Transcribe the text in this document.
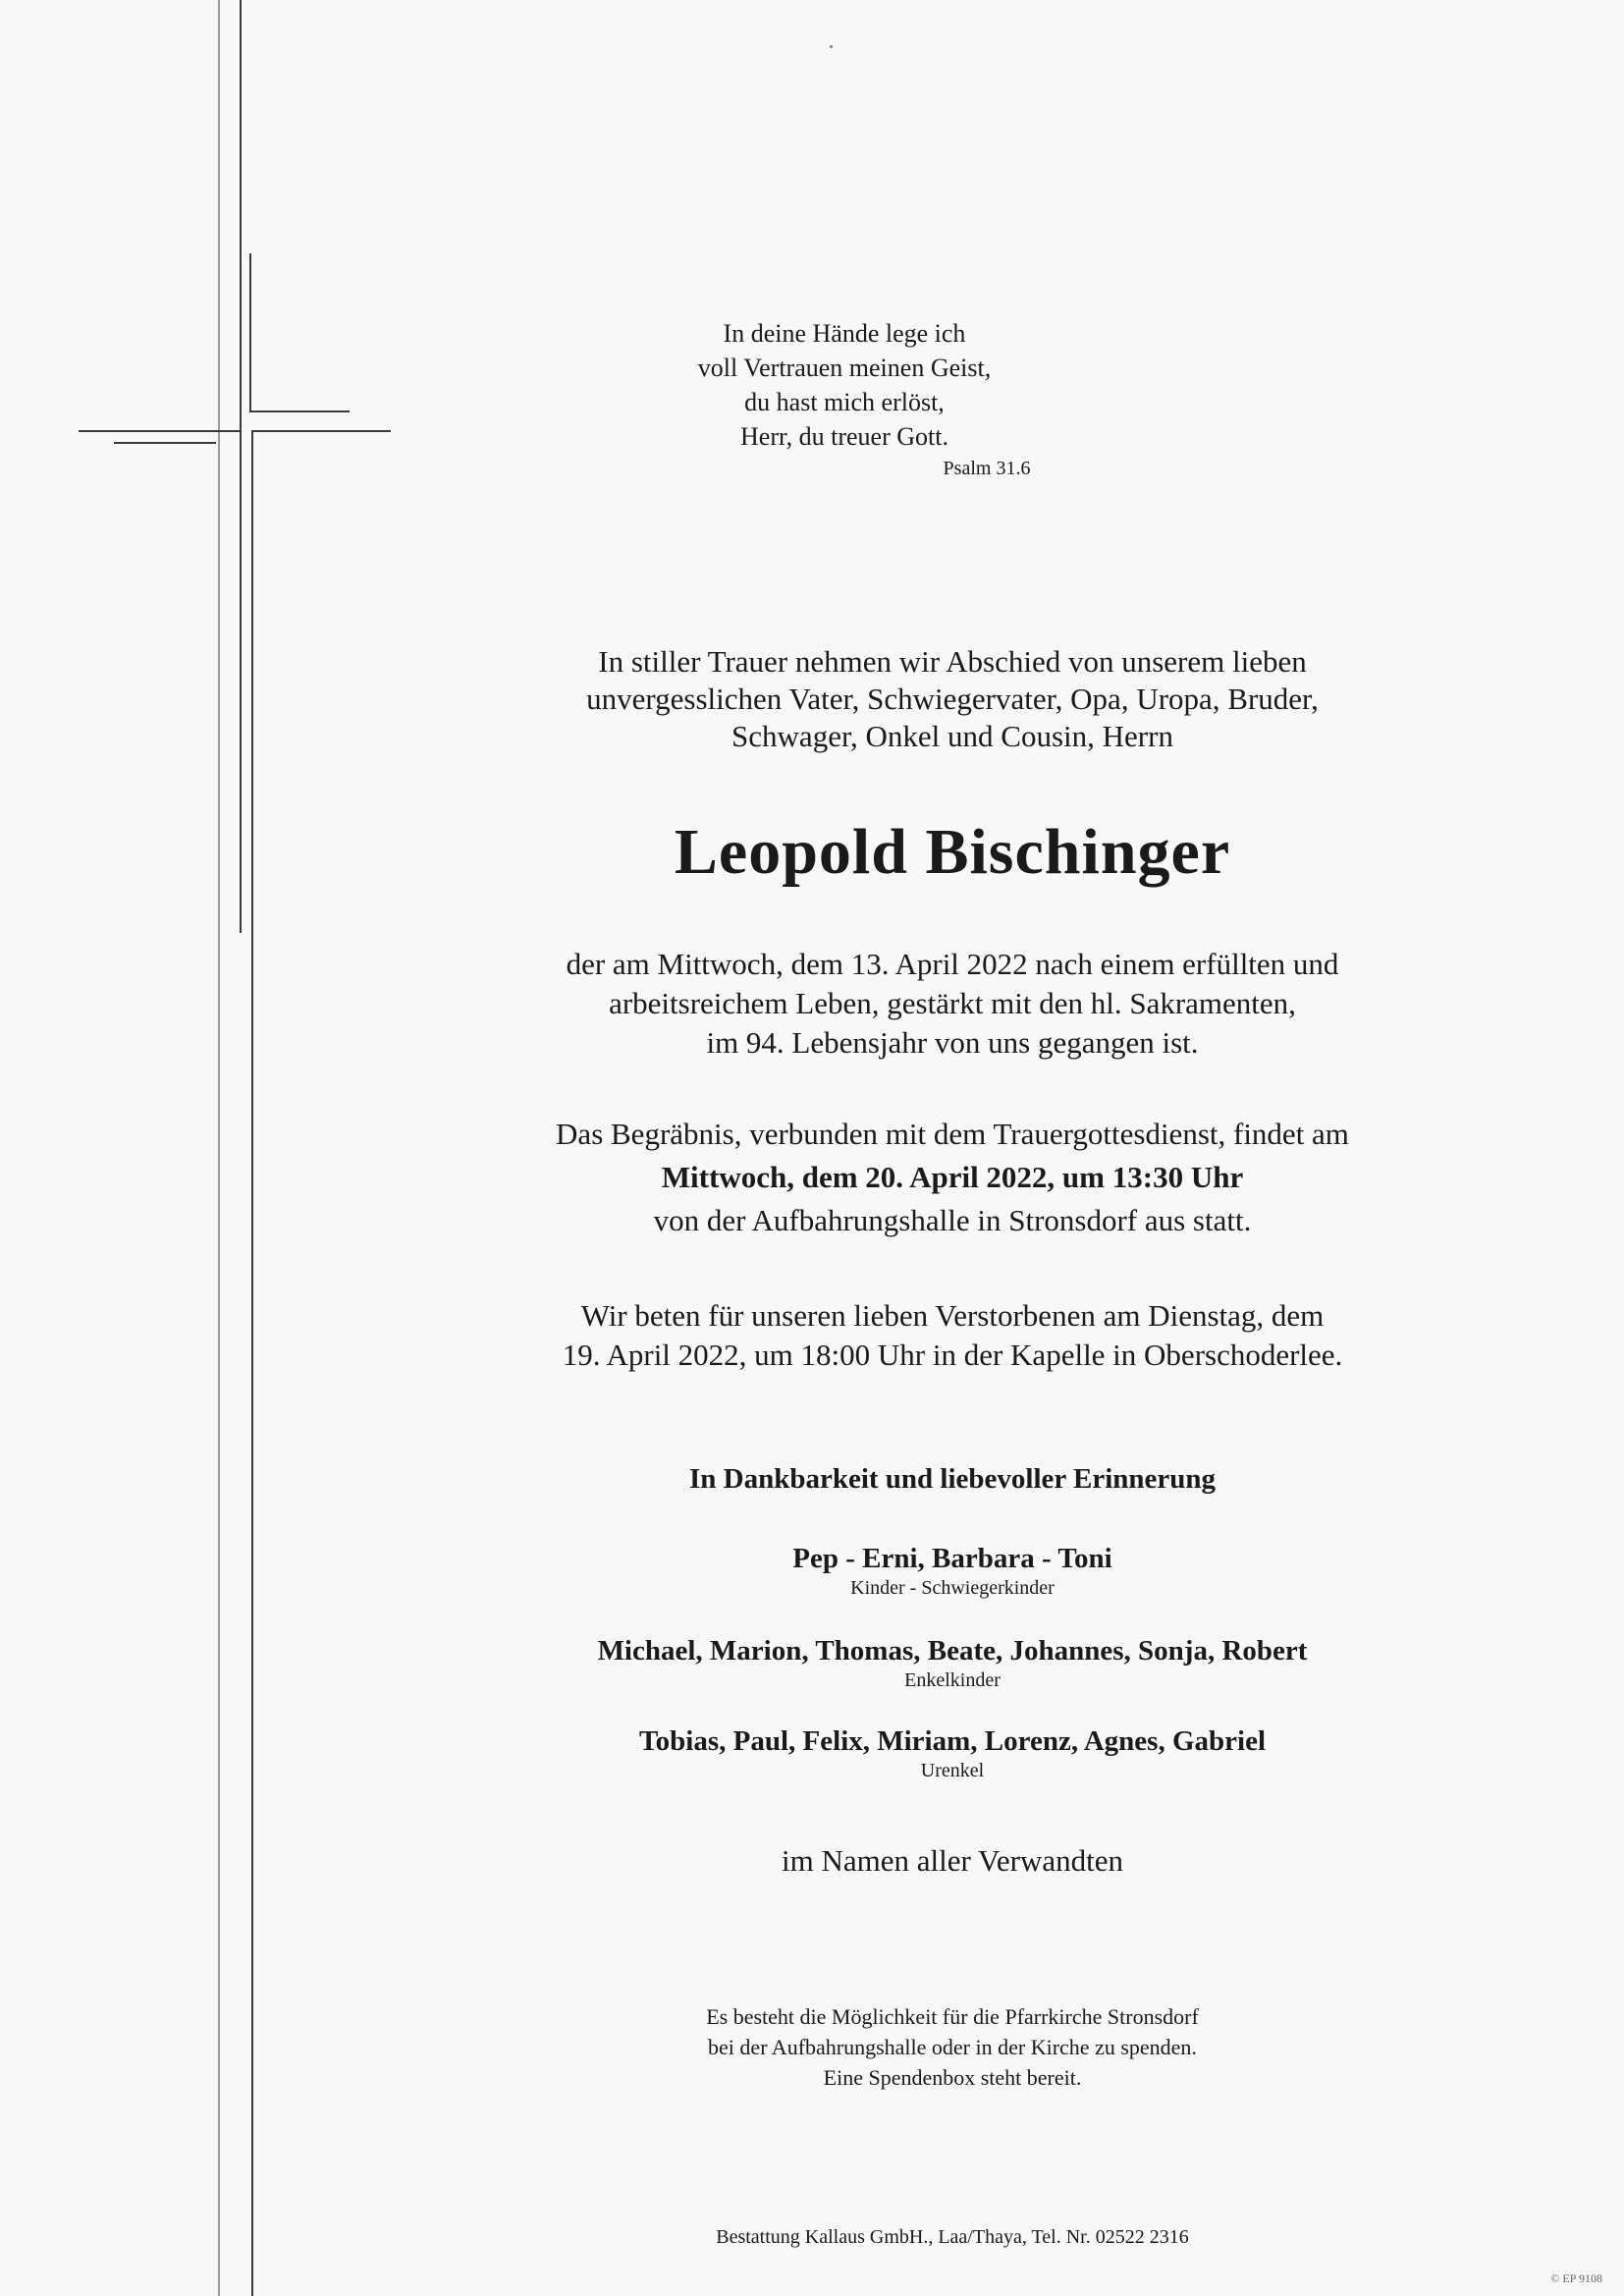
In deine Hände lege ich
voll Vertrauen meinen Geist,
du hast mich erlöst,
Herr, du treuer Gott.
Psalm 31.6
In stiller Trauer nehmen wir Abschied von unserem lieben
unvergesslichen Vater, Schwiegervater, Opa, Uropa, Bruder,
Schwager, Onkel und Cousin, Herrn
Leopold Bischinger
der am Mittwoch, dem 13. April 2022 nach einem erfüllten und
arbeitsreichem Leben, gestärkt mit den hl. Sakramenten,
im 94. Lebensjahr von uns gegangen ist.
Das Begräbnis, verbunden mit dem Trauergottesdienst, findet am
Mittwoch, dem 20. April 2022, um 13:30 Uhr
von der Aufbahrungshalle in Stronsdorf aus statt.
Wir beten für unseren lieben Verstorbenen am Dienstag, dem
19. April 2022, um 18:00 Uhr in der Kapelle in Oberschoderlee.
In Dankbarkeit und liebevoller Erinnerung
Pep - Erni, Barbara - Toni
Kinder - Schwiegerkinder
Michael, Marion, Thomas, Beate, Johannes, Sonja, Robert
Enkelkinder
Tobias, Paul, Felix, Miriam, Lorenz, Agnes, Gabriel
Urenkel
im Namen aller Verwandten
Es besteht die Möglichkeit für die Pfarrkirche Stronsdorf
bei der Aufbahrungshalle oder in der Kirche zu spenden.
Eine Spendenbox steht bereit.
Bestattung Kallaus GmbH., Laa/Thaya, Tel. Nr. 02522 2316
© EP 9108
